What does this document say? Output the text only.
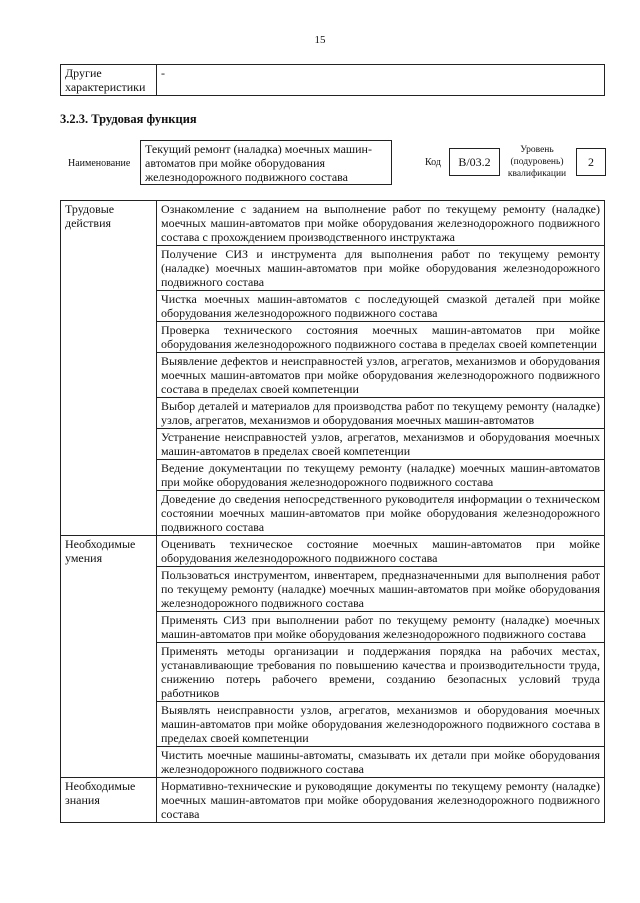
15
Другие характеристики	-
3.2.3. Трудовая функция
Наименование
Текущий ремонт (наладка) моечных машин-автоматов при мойке оборудования железнодорожного подвижного состава
Код	B/03.2
Уровень (подуровень) квалификации
2
Трудовые действия	Ознакомление с заданием на выполнение работ по текущему ремонту (наладке) моечных машин-автоматов при мойке оборудования железнодорожного подвижного состава с прохождением производственного инструктажа
	Получение СИЗ и инструмента для выполнения работ по текущему ремонту (наладке) моечных машин-автоматов при мойке оборудования железнодорожного подвижного состава
	Чистка моечных машин-автоматов с последующей смазкой деталей при мойке оборудования железнодорожного подвижного состава
	Проверка технического состояния моечных машин-автоматов при мойке оборудования железнодорожного подвижного состава в пределах своей компетенции
	Выявление дефектов и неисправностей узлов, агрегатов, механизмов и оборудования моечных машин-автоматов при мойке оборудования железнодорожного подвижного состава в пределах своей компетенции
	Выбор деталей и материалов для производства работ по текущему ремонту (наладке) узлов, агрегатов, механизмов и оборудования моечных машин-автоматов
	Устранение неисправностей узлов, агрегатов, механизмов и оборудования моечных машин-автоматов в пределах своей компетенции
	Ведение документации по текущему ремонту (наладке) моечных машин-автоматов при мойке оборудования железнодорожного подвижного состава
	Доведение до сведения непосредственного руководителя информации о техническом состоянии моечных машин-автоматов при мойке оборудования железнодорожного подвижного состава
Необходимые умения	Оценивать техническое состояние моечных машин-автоматов при мойке оборудования железнодорожного подвижного состава
	Пользоваться инструментом, инвентарем, предназначенными для выполнения работ по текущему ремонту (наладке) моечных машин-автоматов при мойке оборудования железнодорожного подвижного состава
	Применять СИЗ при выполнении работ по текущему ремонту (наладке) моечных машин-автоматов при мойке оборудования железнодорожного подвижного состава
	Применять методы организации и поддержания порядка на рабочих местах, устанавливающие требования по повышению качества и производительности труда, снижению потерь рабочего времени, созданию безопасных условий труда работников
	Выявлять неисправности узлов, агрегатов, механизмов и оборудования моечных машин-автоматов при мойке оборудования железнодорожного подвижного состава в пределах своей компетенции
	Чистить моечные машины-автоматы, смазывать их детали при мойке оборудования железнодорожного подвижного состава
Необходимые знания	Нормативно-технические и руководящие документы по текущему ремонту (наладке) моечных машин-автоматов при мойке оборудования железнодорожного подвижного состава
